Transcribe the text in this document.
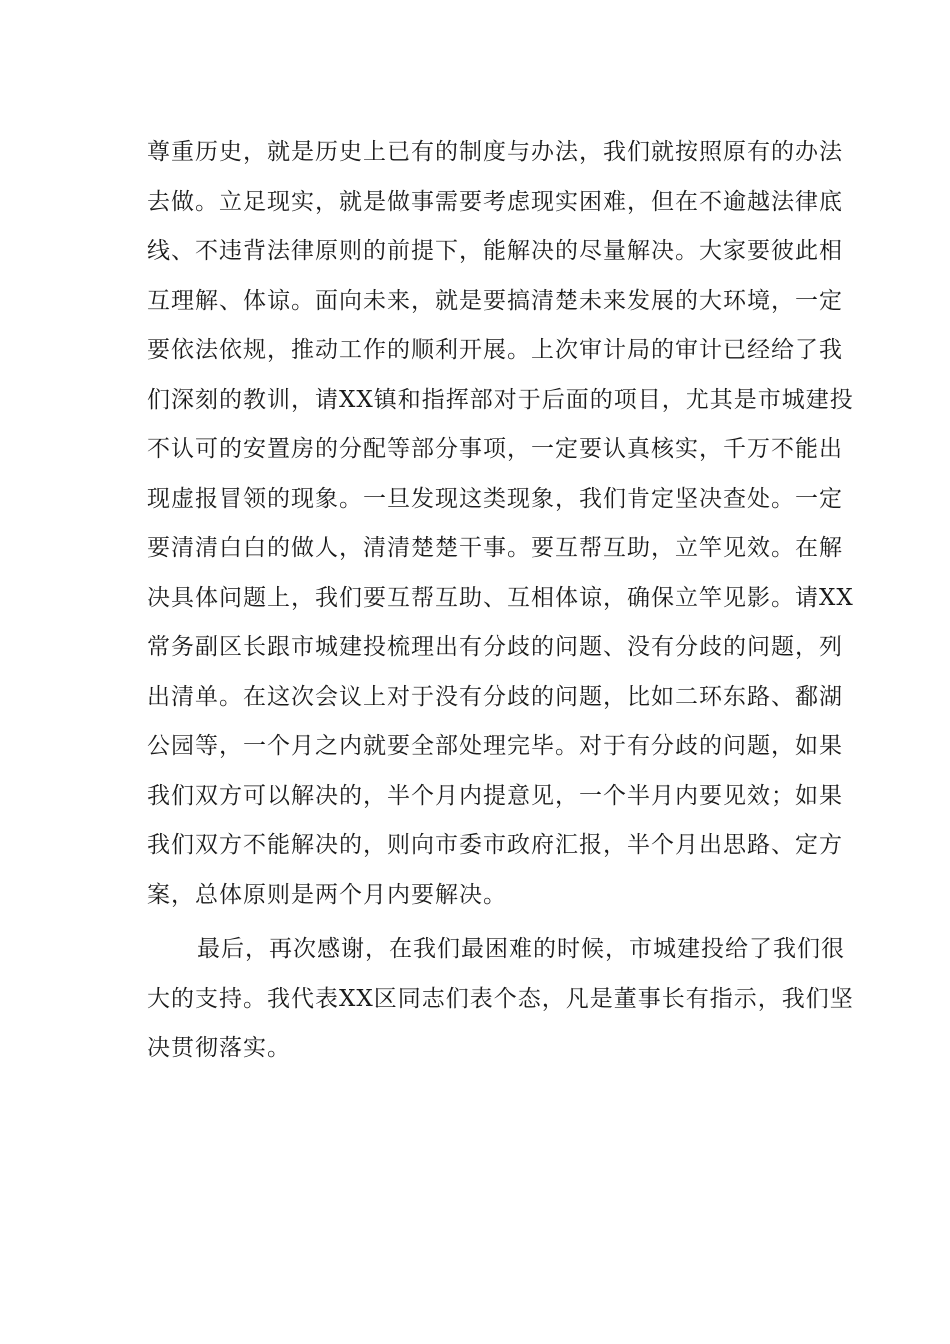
尊重历史，就是历史上已有的制度与办法，我们就按照原有的办法
去做。立足现实，就是做事需要考虑现实困难，但在不逾越法律底
线、不违背法律原则的前提下，能解决的尽量解决。大家要彼此相
互理解、体谅。面向未来，就是要搞清楚未来发展的大环境，一定
要依法依规，推动工作的顺利开展。上次审计局的审计已经给了我
们深刻的教训，请XX镇和指挥部对于后面的项目，尤其是市城建投
不认可的安置房的分配等部分事项，一定要认真核实，千万不能出
现虚报冒领的现象。一旦发现这类现象，我们肯定坚决查处。一定
要清清白白的做人，清清楚楚干事。要互帮互助，立竿见效。在解
决具体问题上，我们要互帮互助、互相体谅，确保立竿见影。请XX
常务副区长跟市城建投梳理出有分歧的问题、没有分歧的问题，列
出清单。在这次会议上对于没有分歧的问题，比如二环东路、鄱湖
公园等，一个月之内就要全部处理完毕。对于有分歧的问题，如果
我们双方可以解决的，半个月内提意见，一个半月内要见效；如果
我们双方不能解决的，则向市委市政府汇报，半个月出思路、定方
案，总体原则是两个月内要解决。
最后，再次感谢，在我们最困难的时候，市城建投给了我们很
大的支持。我代表XX区同志们表个态，凡是董事长有指示，我们坚
决贯彻落实。
